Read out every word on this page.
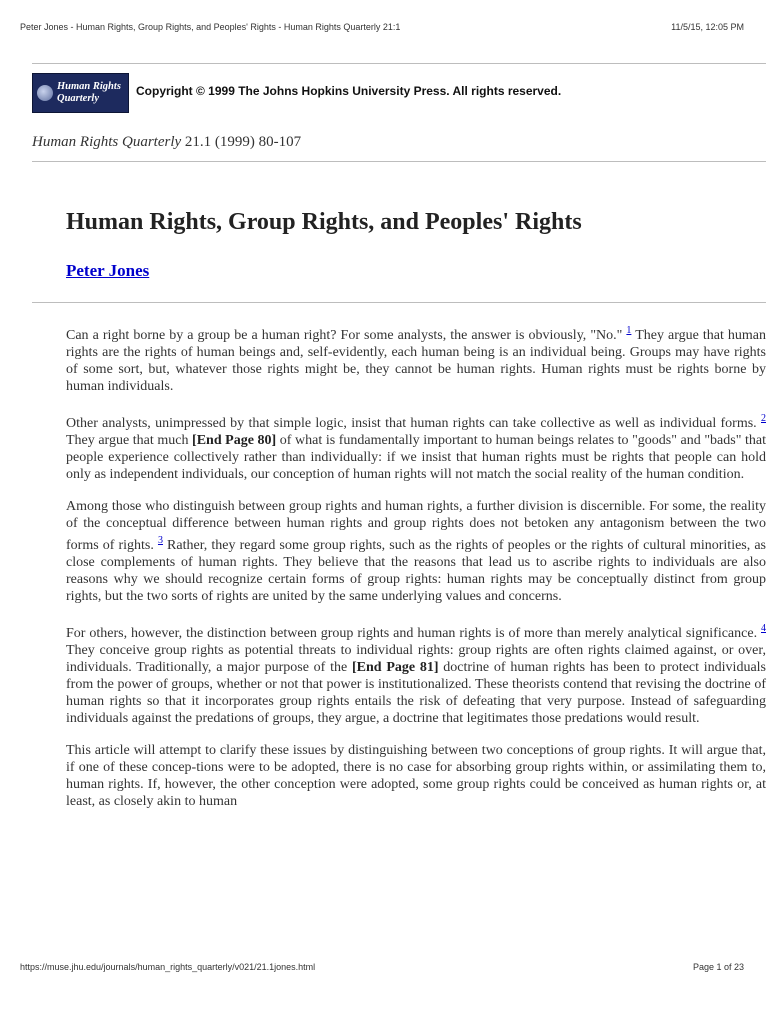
Peter Jones - Human Rights, Group Rights, and Peoples' Rights - Human Rights Quarterly 21:1	11/5/15, 12:05 PM
Human Rights
Quarterly
Copyright © 1999 The Johns Hopkins University Press. All rights reserved.
Human Rights Quarterly 21.1 (1999) 80-107
Human Rights, Group Rights, and Peoples' Rights
Peter Jones

Can a right borne by a group be a human right? For some analysts, the answer is obviously, "No." $^1$ They argue that human rights are the rights of human beings and, self-evidently, each human being is an individual being. Groups may have rights of some sort, but, whatever those rights might be, they cannot be human rights. Human rights must be rights borne by human individuals.

Other analysts, unimpressed by that simple logic, insist that human rights can take collective as well as individual forms. $^2$ They argue that much [End Page 80] of what is fundamentally important to human beings relates to "goods" and "bads" that people experience collectively rather than individually: if we insist that human rights must be rights that people can hold only as independent individuals, our conception of human rights will not match the social reality of the human condition.

Among those who distinguish between group rights and human rights, a further division is discernible. For some, the reality of the conceptual difference between human rights and group rights does not betoken any antagonism between the two forms of rights. $^3$ Rather, they regard some group rights, such as the rights of peoples or the rights of cultural minorities, as close complements of human rights. They believe that the reasons that lead us to ascribe rights to individuals are also reasons why we should recognize certain forms of group rights: human rights may be conceptually distinct from group rights, but the two sorts of rights are united by the same underlying values and concerns.

For others, however, the distinction between group rights and human rights is of more than merely analytical significance. $^4$ They conceive group rights as potential threats to individual rights: group rights are often rights claimed against, or over, individuals. Traditionally, a major purpose of the [End Page 81] doctrine of human rights has been to protect individuals from the power of groups, whether or not that power is institutionalized. These theorists contend that revising the doctrine of human rights so that it incorporates group rights entails the risk of defeating that very purpose. Instead of safeguarding individuals against the predations of groups, they argue, a doctrine that legitimates those predations would result.

This article will attempt to clarify these issues by distinguishing between two conceptions of group rights. It will argue that, if one of these concep-tions were to be adopted, there is no case for absorbing group rights within, or assimilating them to, human rights. If, however, the other conception were adopted, some group rights could be conceived as human rights or, at least, as closely akin to human

https://muse.jhu.edu/journals/human_rights_quarterly/v021/21.1jones.html	Page 1 of 23
